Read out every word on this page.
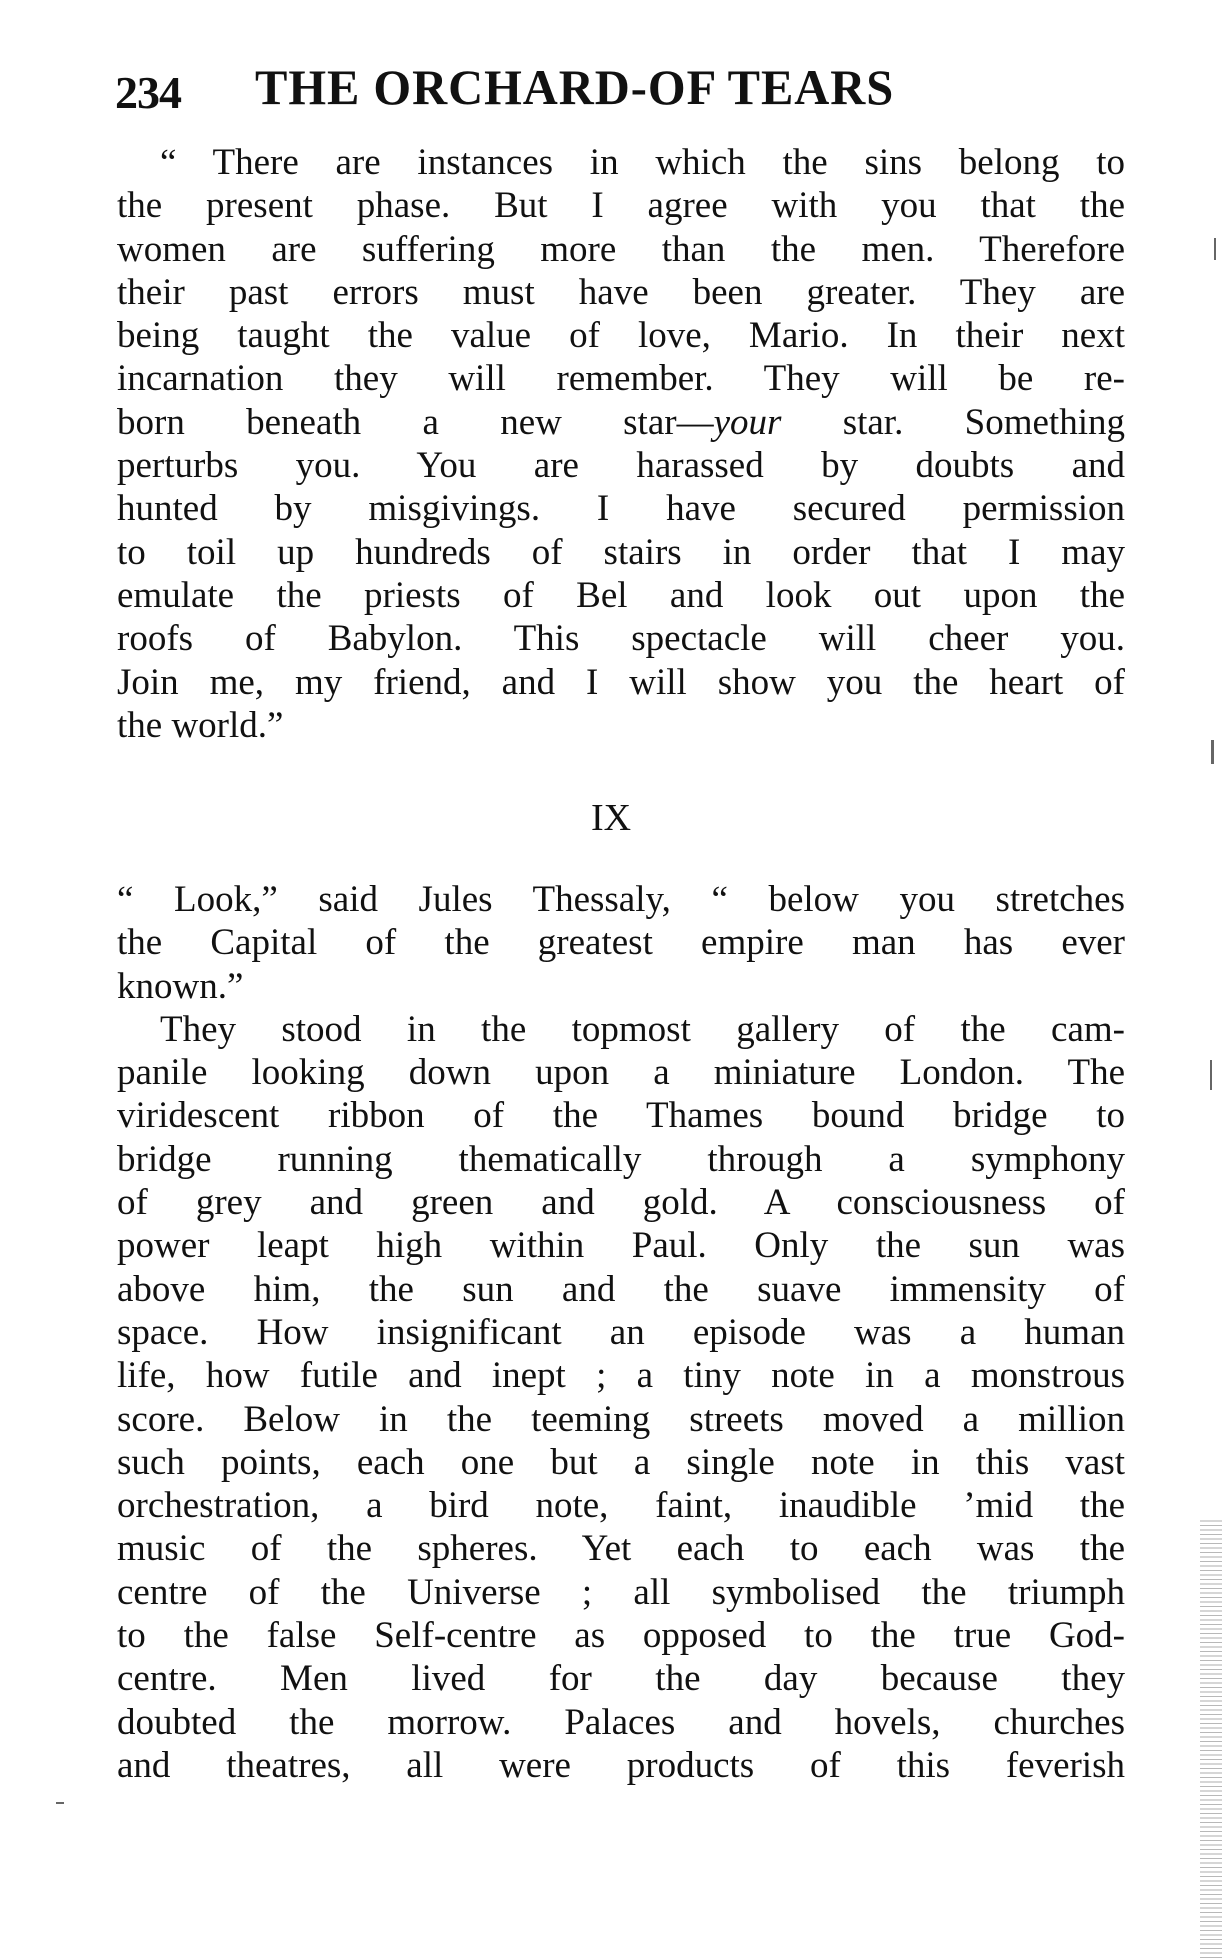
234 THE ORCHARD-OF TEARS
“ There are instances in which the sins belong to
the present phase. But I agree with you that the
women are suffering more than the men. Therefore
their past errors must have been greater. They are
being taught the value of love, Mario. In their next
incarnation they will remember. They will be re-
born beneath a new star—your star. Something
perturbs you. You are harassed by doubts and
hunted by misgivings. I have secured permission
to toil up hundreds of stairs in order that I may
emulate the priests of Bel and look out upon the
roofs of Babylon. This spectacle will cheer you.
Join me, my friend, and I will show you the heart of
the world.”
IX
“ Look,” said Jules Thessaly, “ below you stretches
the Capital of the greatest empire man has ever
known.”
They stood in the topmost gallery of the cam-
panile looking down upon a miniature London. The
viridescent ribbon of the Thames bound bridge to
bridge running thematically through a symphony
of grey and green and gold. A consciousness of
power leapt high within Paul. Only the sun was
above him, the sun and the suave immensity of
space. How insignificant an episode was a human
life, how futile and inept ; a tiny note in a monstrous
score. Below in the teeming streets moved a million
such points, each one but a single note in this vast
orchestration, a bird note, faint, inaudible ’mid the
music of the spheres. Yet each to each was the
centre of the Universe ; all symbolised the triumph
to the false Self-centre as opposed to the true God-
centre. Men lived for the day because they
doubted the morrow. Palaces and hovels, churches
and theatres, all were products of this feverish
